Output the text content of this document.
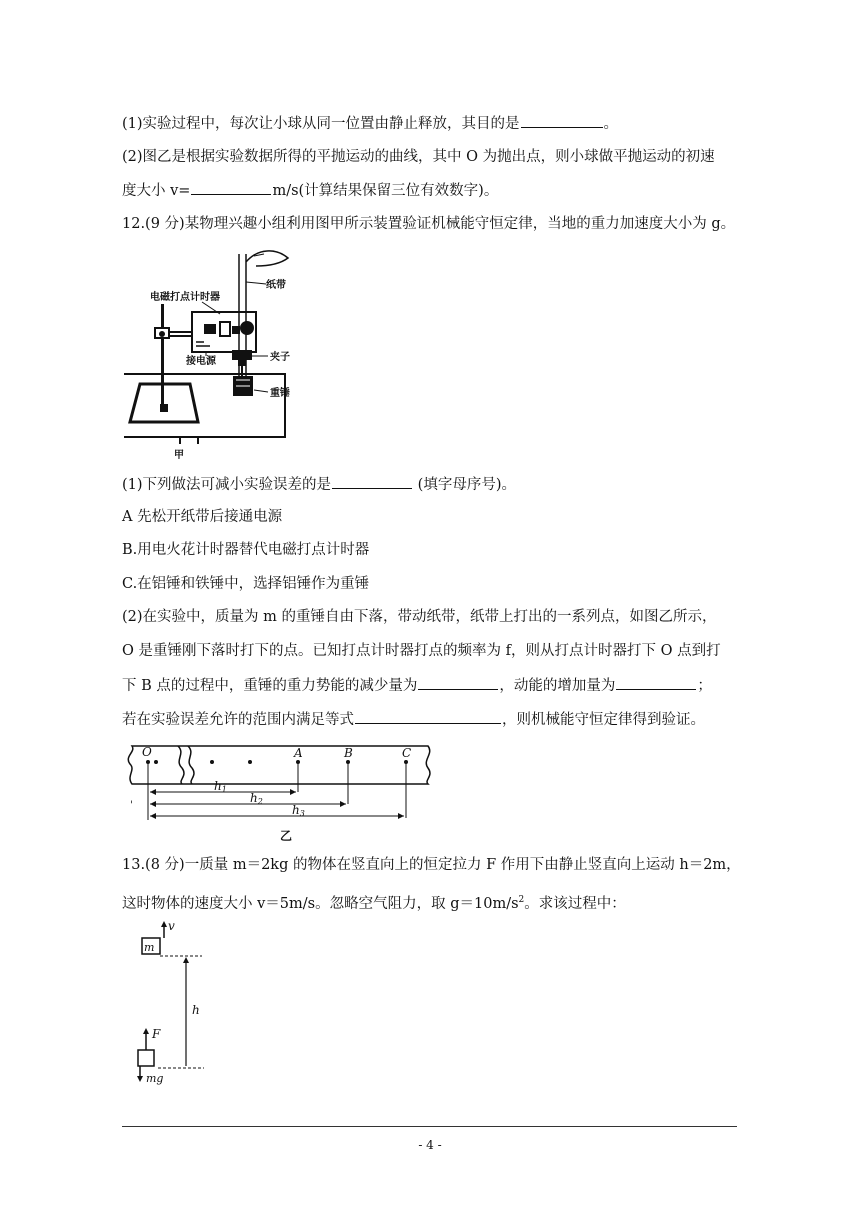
(1)实验过程中，每次让小球从同一位置由静止释放，其目的是	。
(2)图乙是根据实验数据所得的平抛运动的曲线，其中 O 为抛出点，则小球做平抛运动的初速
度大小 v=	m/s(计算结果保留三位有效数字)。
12.(9 分)某物理兴趣小组利用图甲所示装置验证机械能守恒定律，当地的重力加速度大小为 g。
电磁打点计时器
纸带
接电源	夹子
重锤
甲
(1)下列做法可减小实验误差的是	(填字母序号)。
A 先松开纸带后接通电源
B.用电火花计时器替代电磁打点计时器
C.在铝锤和铁锤中，选择铝锤作为重锤
(2)在实验中，质量为 m 的重锤自由下落，带动纸带，纸带上打出的一系列点，如图乙所示，
O 是重锤刚下落时打下的点。已知打点计时器打点的频率为 f，则从打点计时器打下 O 点到打
下 B 点的过程中，重锤的重力势能的减少量为	，动能的增加量为	；
若在实验误差允许的范围内满足等式	，则机械能守恒定律得到验证。
O	A	B	C
h1
h2
h3
'
乙
13.(8 分)一质量 m＝2kg 的物体在竖直向上的恒定拉力 F 作用下由静止竖直向上运动 h＝2m，
这时物体的速度大小 v＝5m/s。忽略空气阻力，取 $g=10m/s^2$。求该过程中：
m
v
h
F
mg
- 4 -
